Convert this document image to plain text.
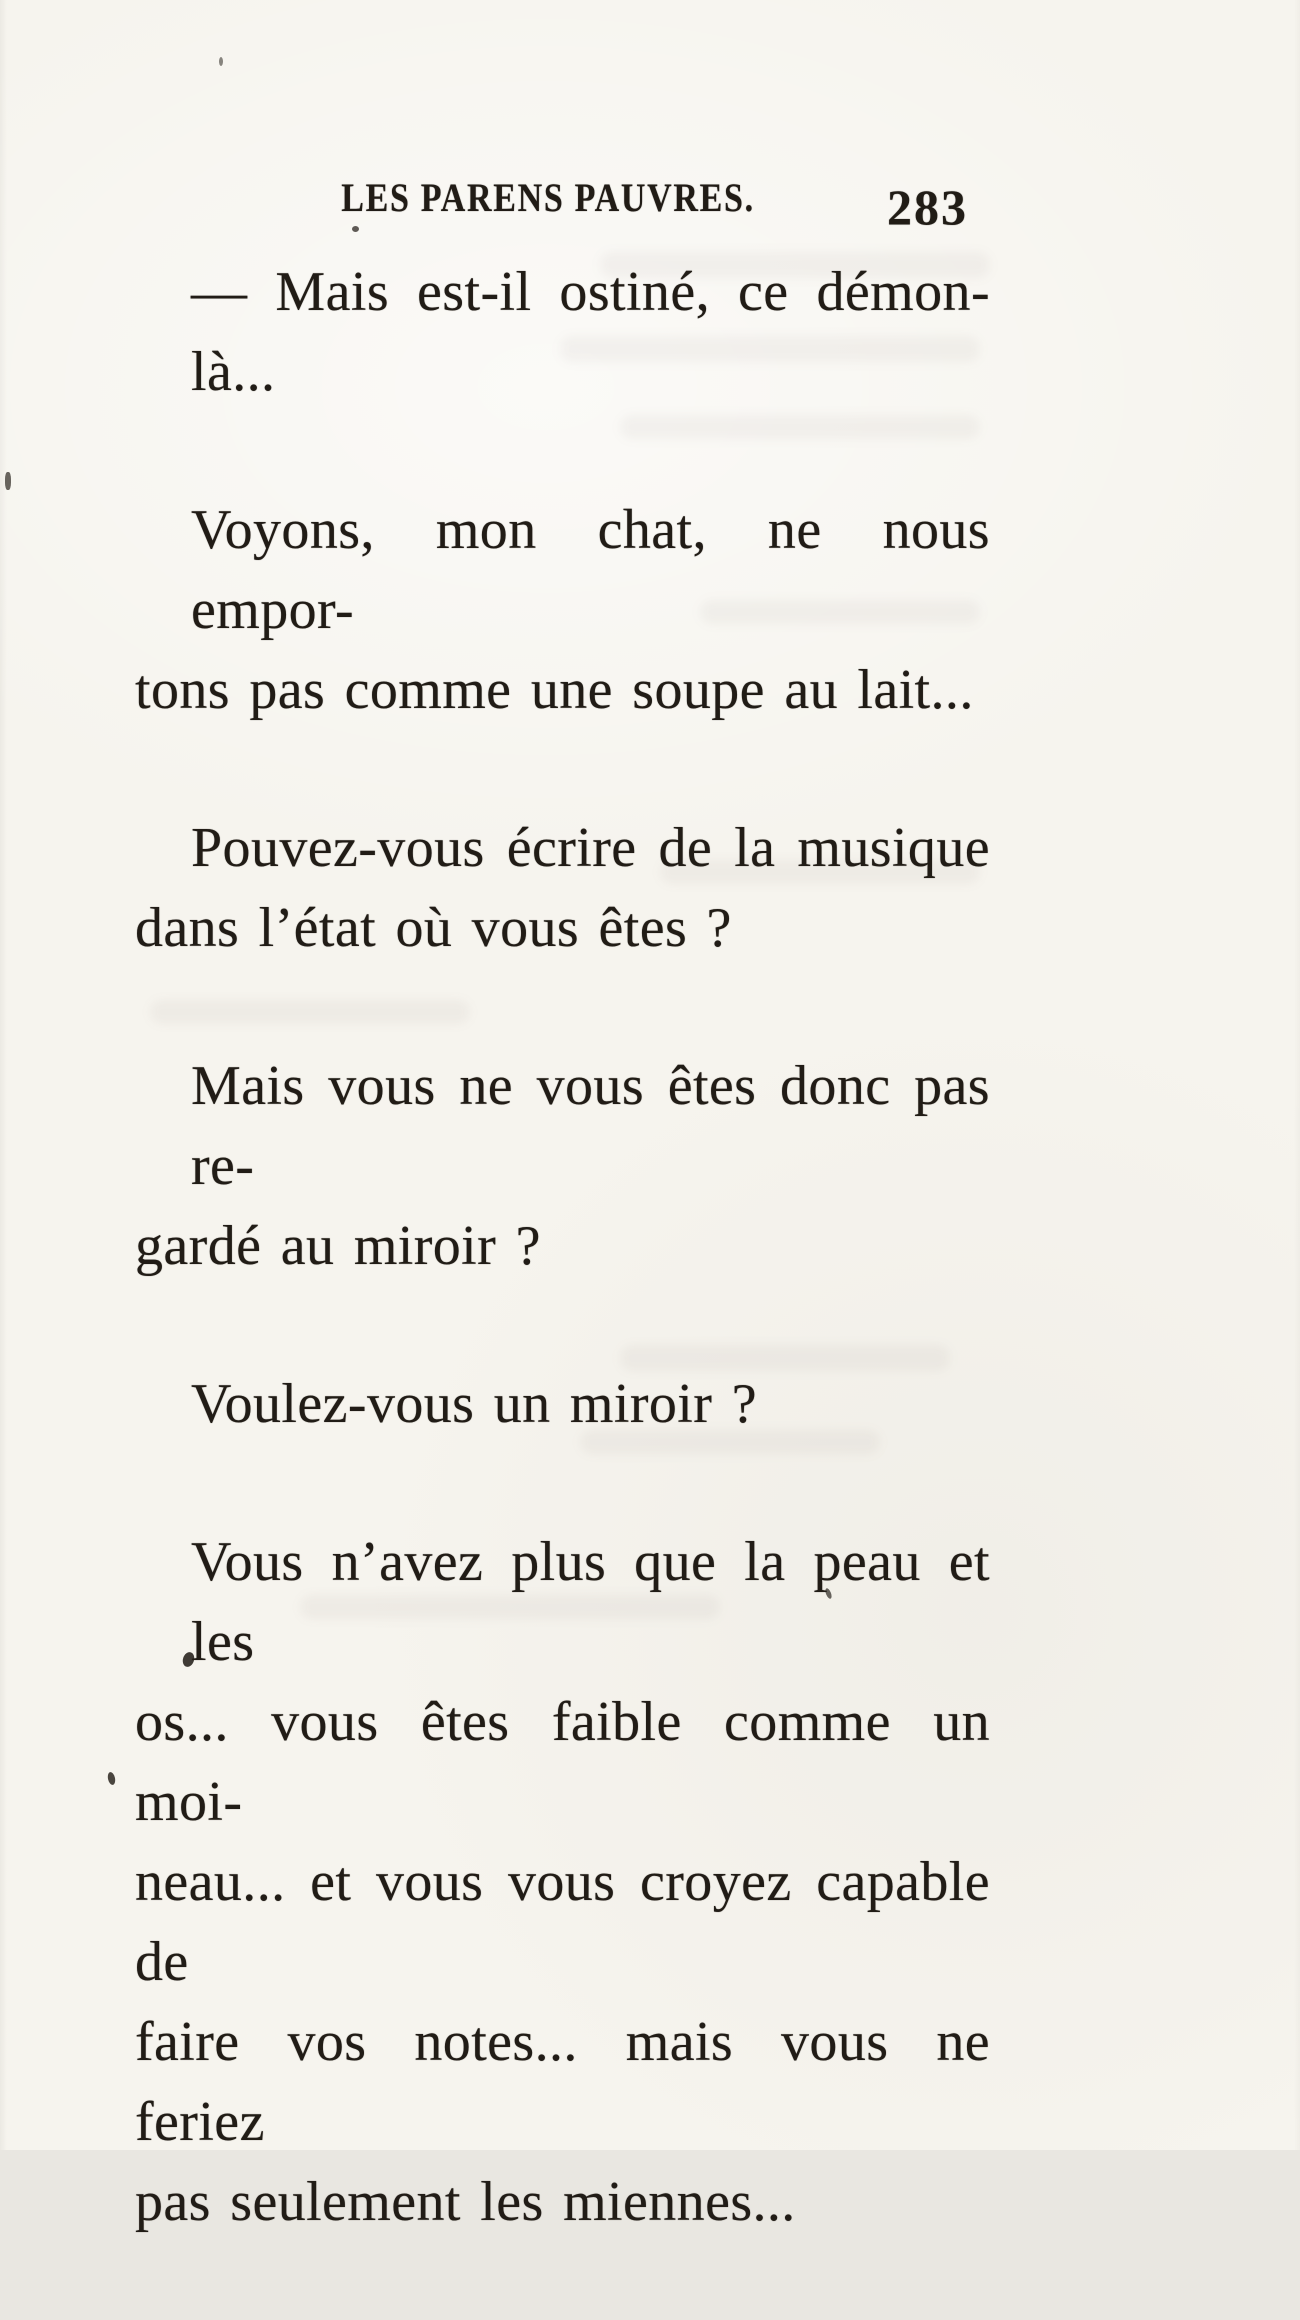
LES PARENS PAUVRES.	283

— Mais est-il ostiné, ce démon-là...

Voyons, mon chat, ne nous empor-
tons pas comme une soupe au lait...

Pouvez-vous écrire de la musique
dans l’état où vous êtes ?

Mais vous ne vous êtes donc pas re-
gardé au miroir ?

Voulez-vous un miroir ?

Vous n’avez plus que la peau et les
os... vous êtes faible comme un moi-
neau... et vous vous croyez capable de
faire vos notes... mais vous ne feriez
pas seulement les miennes...
